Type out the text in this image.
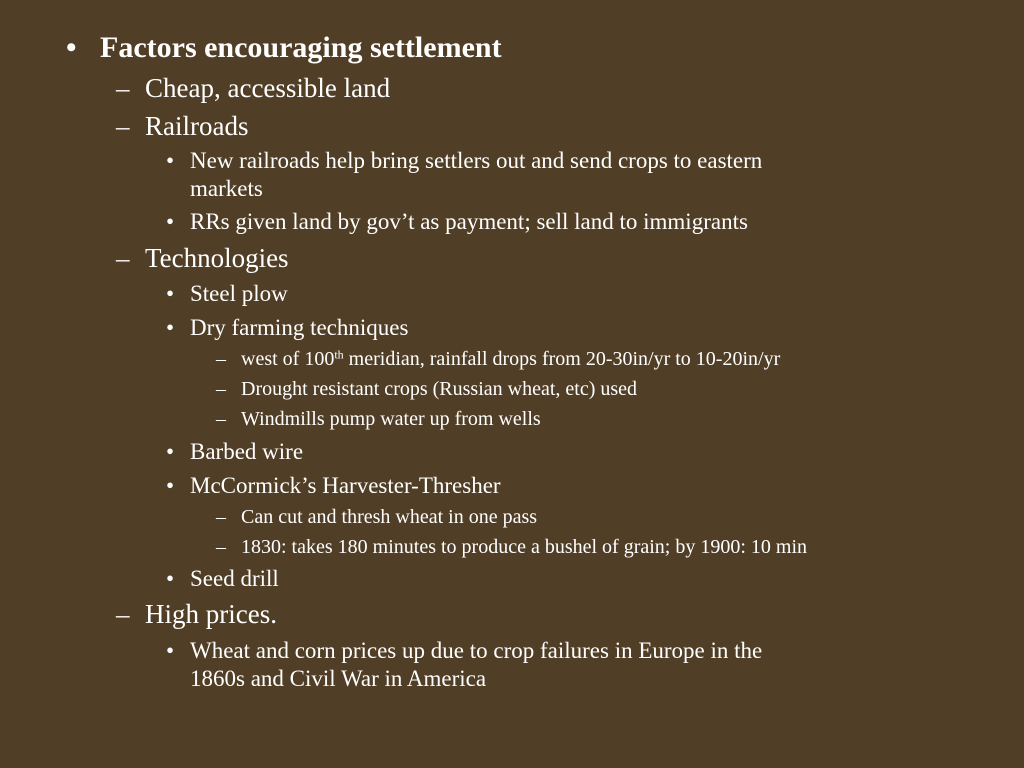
• Factors encouraging settlement
– Cheap, accessible land
– Railroads
• New railroads help bring settlers out and send crops to eastern
markets
• RRs given land by gov’t as payment; sell land to immigrants
– Technologies
• Steel plow
• Dry farming techniques
– west of 100th meridian, rainfall drops from 20-30in/yr to 10-20in/yr
– Drought resistant crops (Russian wheat, etc) used
– Windmills pump water up from wells
• Barbed wire
• McCormick’s Harvester-Thresher
– Can cut and thresh wheat in one pass
– 1830: takes 180 minutes to produce a bushel of grain; by 1900: 10 min
• Seed drill
– High prices.
• Wheat and corn prices up due to crop failures in Europe in the
1860s and Civil War in America
